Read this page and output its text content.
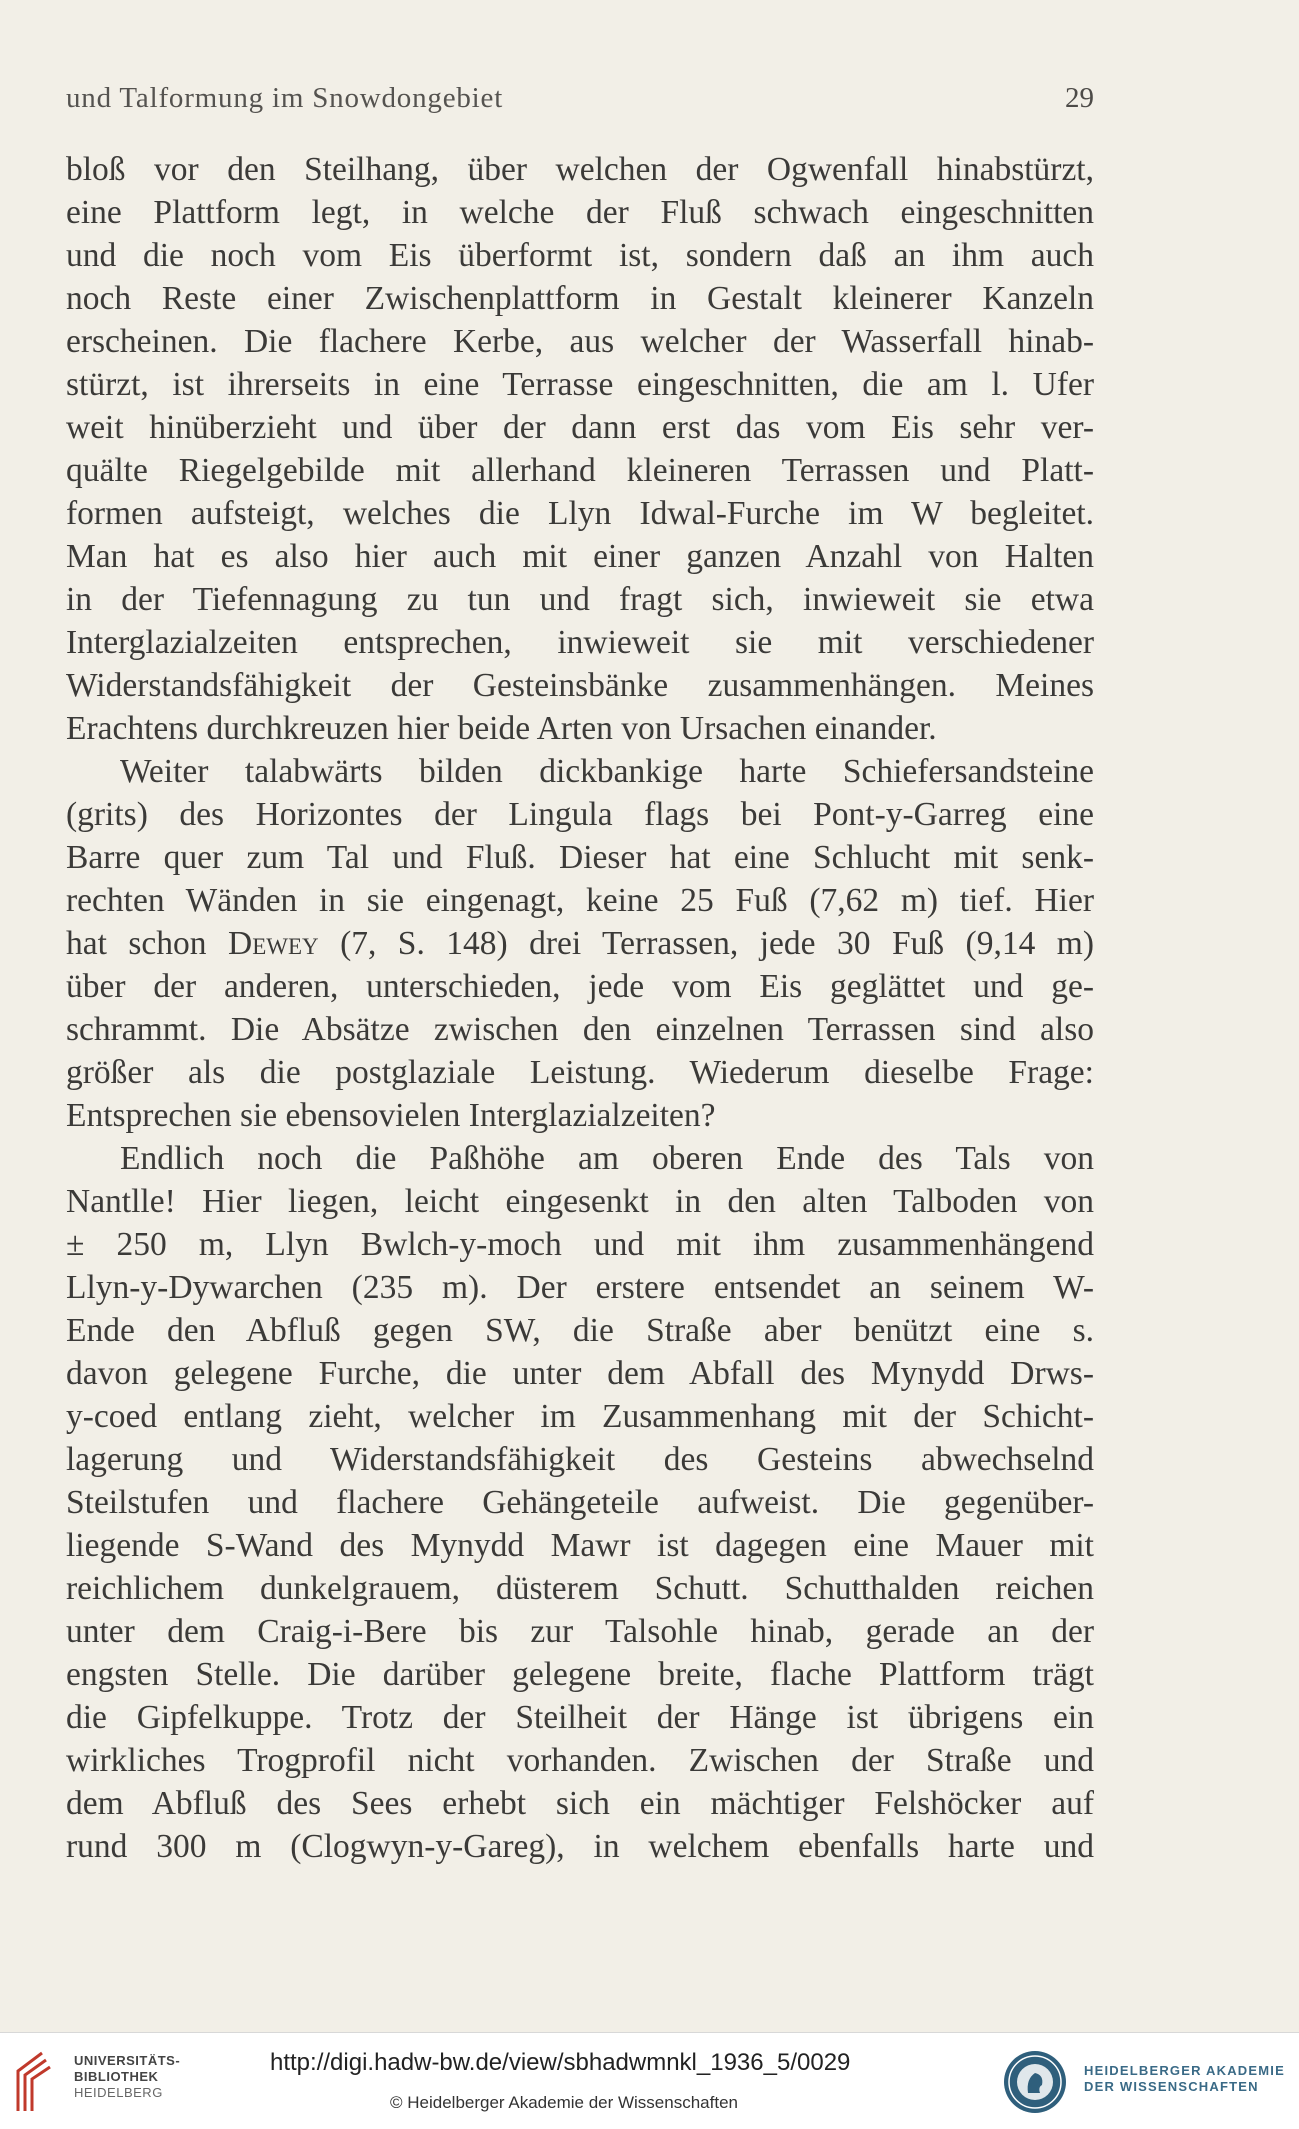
und Talformung im Snowdongebiet	29
bloß vor den Steilhang, über welchen der Ogwenfall hinabstürzt,
eine Plattform legt, in welche der Fluß schwach eingeschnitten
und die noch vom Eis überformt ist, sondern daß an ihm auch
noch Reste einer Zwischenplattform in Gestalt kleinerer Kanzeln
erscheinen. Die flachere Kerbe, aus welcher der Wasserfall hinab-
stürzt, ist ihrerseits in eine Terrasse eingeschnitten, die am l. Ufer
weit hinüberzieht und über der dann erst das vom Eis sehr ver-
quälte Riegelgebilde mit allerhand kleineren Terrassen und Platt-
formen aufsteigt, welches die Llyn Idwal-Furche im W begleitet.
Man hat es also hier auch mit einer ganzen Anzahl von Halten
in der Tiefennagung zu tun und fragt sich, inwieweit sie etwa
Interglazialzeiten entsprechen, inwieweit sie mit verschiedener
Widerstandsfähigkeit der Gesteinsbänke zusammenhängen. Meines
Erachtens durchkreuzen hier beide Arten von Ursachen einander.
Weiter talabwärts bilden dickbankige harte Schiefersandsteine
(grits) des Horizontes der Lingula flags bei Pont-y-Garreg eine
Barre quer zum Tal und Fluß. Dieser hat eine Schlucht mit senk-
rechten Wänden in sie eingenagt, keine 25 Fuß (7,62 m) tief. Hier
hat schon Dewey (7, S. 148) drei Terrassen, jede 30 Fuß (9,14 m)
über der anderen, unterschieden, jede vom Eis geglättet und ge-
schrammt. Die Absätze zwischen den einzelnen Terrassen sind also
größer als die postglaziale Leistung. Wiederum dieselbe Frage:
Entsprechen sie ebensovielen Interglazialzeiten?
Endlich noch die Paßhöhe am oberen Ende des Tals von
Nantlle! Hier liegen, leicht eingesenkt in den alten Talboden von
± 250 m, Llyn Bwlch-y-moch und mit ihm zusammenhängend
Llyn-y-Dywarchen (235 m). Der erstere entsendet an seinem W-
Ende den Abfluß gegen SW, die Straße aber benützt eine s.
davon gelegene Furche, die unter dem Abfall des Mynydd Drws-
y-coed entlang zieht, welcher im Zusammenhang mit der Schicht-
lagerung und Widerstandsfähigkeit des Gesteins abwechselnd
Steilstufen und flachere Gehängeteile aufweist. Die gegenüber-
liegende S-Wand des Mynydd Mawr ist dagegen eine Mauer mit
reichlichem dunkelgrauem, düsterem Schutt. Schutthalden reichen
unter dem Craig-i-Bere bis zur Talsohle hinab, gerade an der
engsten Stelle. Die darüber gelegene breite, flache Plattform trägt
die Gipfelkuppe. Trotz der Steilheit der Hänge ist übrigens ein
wirkliches Trogprofil nicht vorhanden. Zwischen der Straße und
dem Abfluß des Sees erhebt sich ein mächtiger Felshöcker auf
rund 300 m (Clogwyn-y-Gareg), in welchem ebenfalls harte und
UNIVERSITÄTS-
BIBLIOTHEK
HEIDELBERG
http://digi.hadw-bw.de/view/sbhadwmnkl_1936_5/0029
© Heidelberger Akademie der Wissenschaften
HEIDELBERGER AKADEMIE
DER WISSENSCHAFTEN
